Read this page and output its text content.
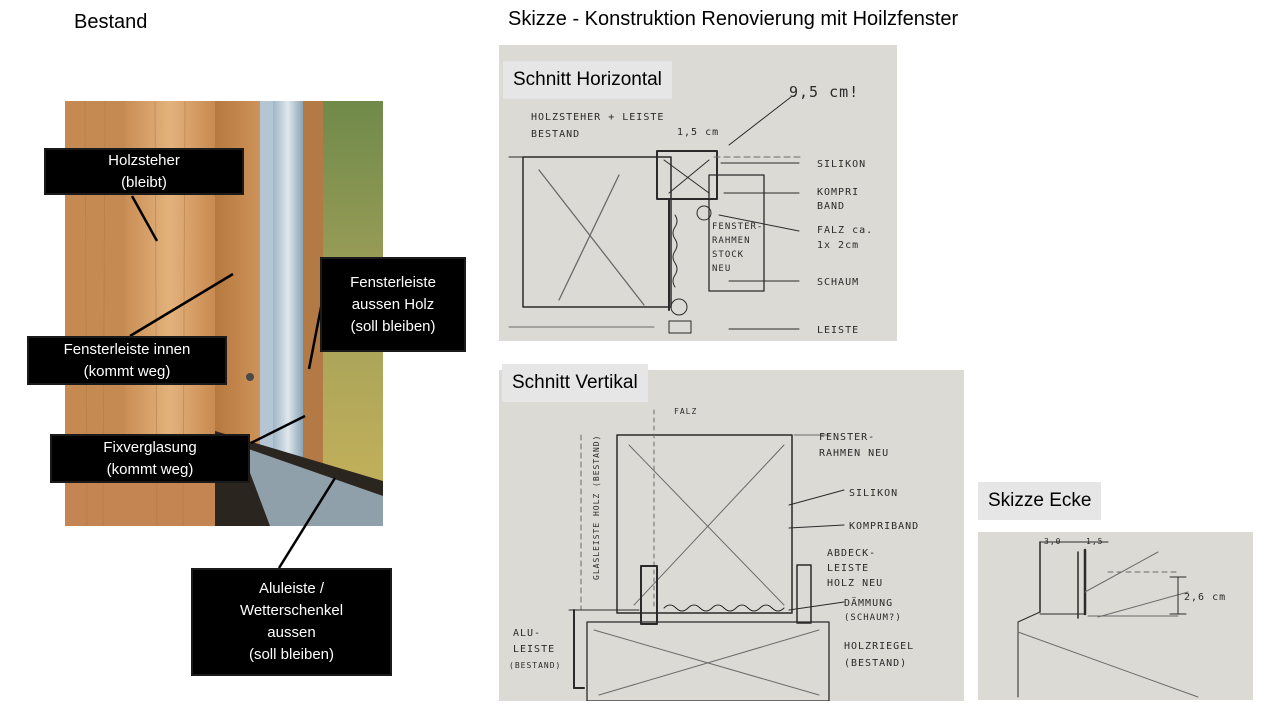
Bestand	Skizze - Konstruktion Renovierung mit Hoilzfenster
Holzsteher
(bleibt)
Fensterleiste
aussen Holz
(soll bleiben)
Fensterleiste innen
(kommt weg)
Fixverglasung
(kommt weg)
Aluleiste /
Wetterschenkel
aussen
(soll bleiben)
9,5 cm!
HOLZSTEHER + LEISTE
BESTAND	1,5 cm
SILIKON
KOMPRI
BAND
FALZ ca.
1x 2cm
FENSTER-
RAHMEN
STOCK
NEU
SCHAUM
LEISTE
Schnitt Horizontal
FALZ
FENSTER-
RAHMEN NEU
SILIKON
KOMPRIBAND
ABDECK-
LEISTE
HOLZ NEU
DÄMMUNG
(SCHAUM?)
HOLZRIEGEL
(BESTAND)
ALU-
LEISTE
(BESTAND)
GLASLEISTE HOLZ (BESTAND)
Schnitt Vertikal
3,0	1,5
2,6 cm
Skizze Ecke
